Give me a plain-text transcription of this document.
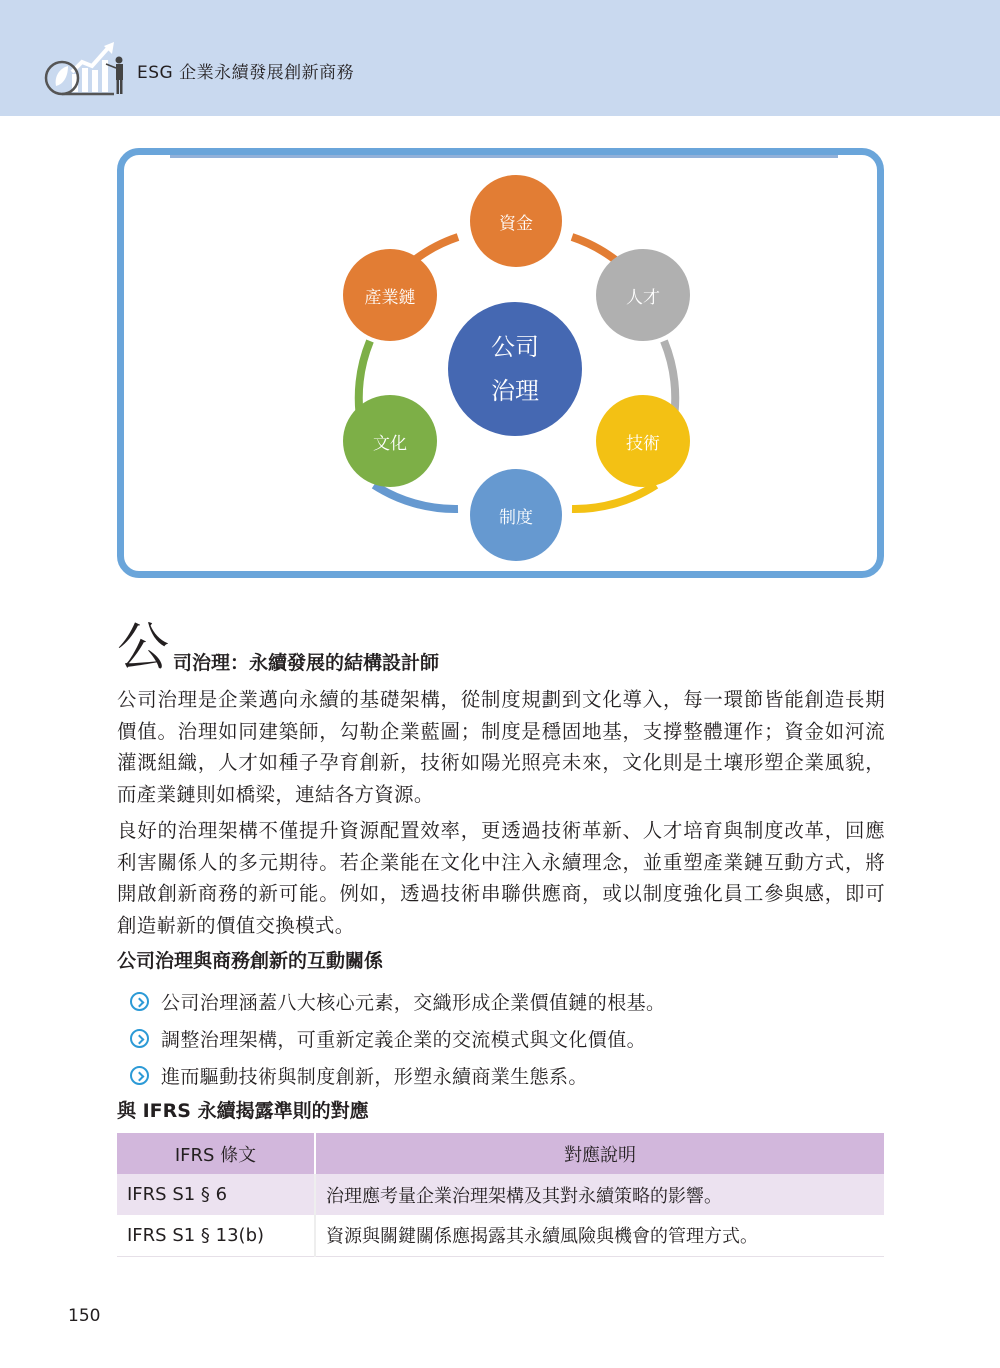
ESG 企業永續發展創新商務
公司
治理
資金
人才
技術
制度
文化
產業鏈
公 司治理：永續發展的結構設計師

公司治理是企業邁向永續的基礎架構，從制度規劃到文化導入，每一環節皆能創造長期價值。治理如同建築師，勾勒企業藍圖；制度是穩固地基，支撐整體運作；資金如河流灌溉組織，人才如種子孕育創新，技術如陽光照亮未來，文化則是土壤形塑企業風貌，而產業鏈則如橋梁，連結各方資源。

良好的治理架構不僅提升資源配置效率，更透過技術革新、人才培育與制度改革，回應利害關係人的多元期待。若企業能在文化中注入永續理念，並重塑產業鏈互動方式，將開啟創新商務的新可能。例如，透過技術串聯供應商，或以制度強化員工參與感，即可創造嶄新的價值交換模式。

公司治理與商務創新的互動關係
公司治理涵蓋八大核心元素，交織形成企業價值鏈的根基。
調整治理架構，可重新定義企業的交流模式與文化價值。
進而驅動技術與制度創新，形塑永續商業生態系。
與 IFRS 永續揭露準則的對應
IFRS 條文	對應說明
IFRS S1 § 6	治理應考量企業治理架構及其對永續策略的影響。
IFRS S1 § 13(b)	資源與關鍵關係應揭露其永續風險與機會的管理方式。
150
